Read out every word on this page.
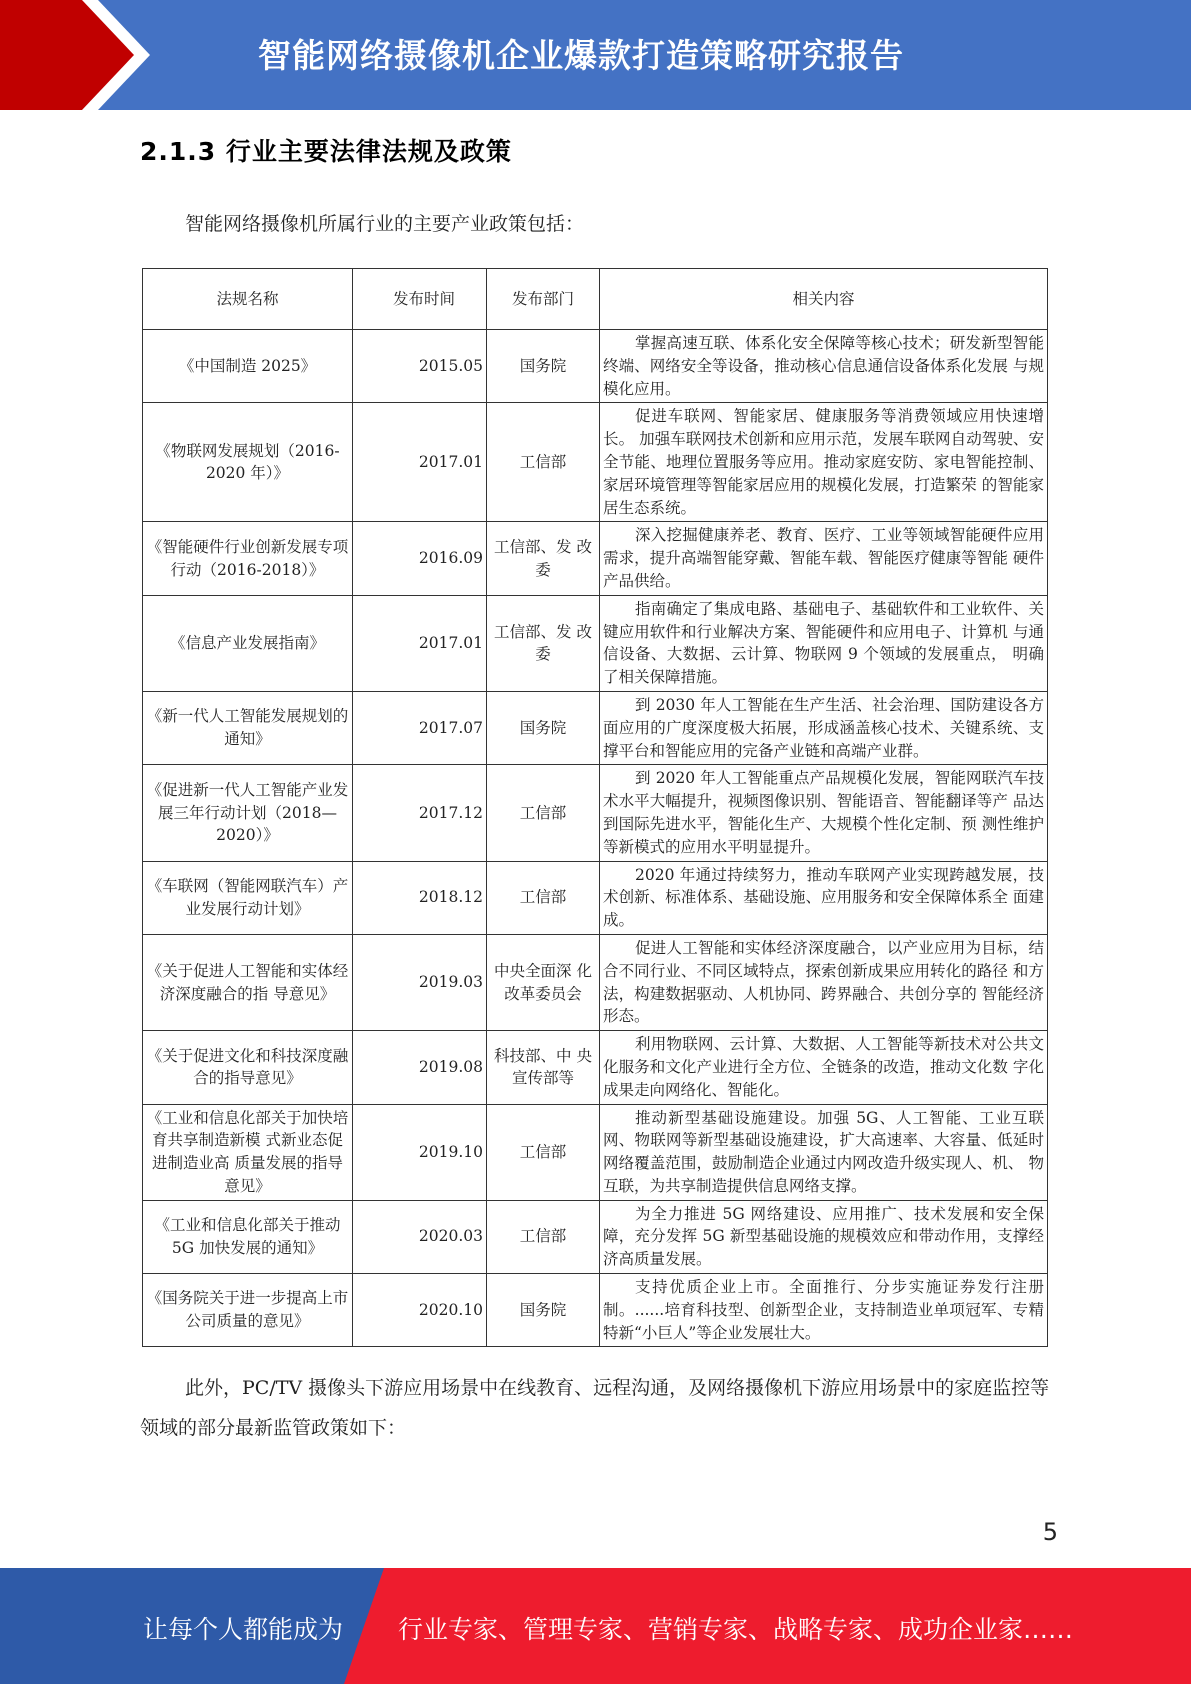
智能网络摄像机企业爆款打造策略研究报告
2.1.3 行业主要法律法规及政策
智能网络摄像机所属行业的主要产业政策包括：
法规名称	发布时间	发布部门	相关内容
《中国制造 2025》	2015.05	国务院	掌握高速互联、体系化安全保障等核心技术；研发新型智能终端、网络安全等设备，推动核心信息通信设备体系化发展 与规模化应用。
《物联网发展规划（2016-2020 年）》	2017.01	工信部	促进车联网、智能家居、健康服务等消费领域应用快速增长。 加强车联网技术创新和应用示范，发展车联网自动驾驶、安 全节能、地理位置服务等应用。推动家庭安防、家电智能控制、家居环境管理等智能家居应用的规模化发展，打造繁荣 的智能家居生态系统。
《智能硬件行业创新发展专项行动（2016-2018）》	2016.09	工信部、发 改委	深入挖掘健康养老、教育、医疗、工业等领域智能硬件应用需求，提升高端智能穿戴、智能车载、智能医疗健康等智能 硬件产品供给。
《信息产业发展指南》	2017.01	工信部、发 改委	指南确定了集成电路、基础电子、基础软件和工业软件、关键应用软件和行业解决方案、智能硬件和应用电子、计算机 与通信设备、大数据、云计算、物联网 9 个领域的发展重点， 明确了相关保障措施。
《新一代人工智能发展规划的通知》	2017.07	国务院	到 2030 年人工智能在生产生活、社会治理、国防建设各方面应用的广度深度极大拓展，形成涵盖核心技术、关键系统、支撑平台和智能应用的完备产业链和高端产业群。
《促进新一代人工智能产业发展三年行动计划（2018—2020）》	2017.12	工信部	到 2020 年人工智能重点产品规模化发展，智能网联汽车技术水平大幅提升，视频图像识别、智能语音、智能翻译等产 品达到国际先进水平，智能化生产、大规模个性化定制、预 测性维护等新模式的应用水平明显提升。
《车联网（智能网联汽车）产业发展行动计划》	2018.12	工信部	2020 年通过持续努力，推动车联网产业实现跨越发展，技术创新、标准体系、基础设施、应用服务和安全保障体系全 面建成。
《关于促进人工智能和实体经济深度融合的指 导意见》	2019.03	中央全面深 化改革委员会	促进人工智能和实体经济深度融合，以产业应用为目标，结合不同行业、不同区域特点，探索创新成果应用转化的路径 和方法，构建数据驱动、人机协同、跨界融合、共创分享的 智能经济形态。
《关于促进文化和科技深度融合的指导意见》	2019.08	科技部、中 央宣传部等	利用物联网、云计算、大数据、人工智能等新技术对公共文化服务和文化产业进行全方位、全链条的改造，推动文化数 字化成果走向网络化、智能化。
《工业和信息化部关于加快培育共享制造新模 式新业态促进制造业高 质量发展的指导意见》	2019.10	工信部	推动新型基础设施建设。加强 5G、人工智能、工业互联网、物联网等新型基础设施建设，扩大高速率、大容量、低延时 网络覆盖范围，鼓励制造企业通过内网改造升级实现人、机、 物互联，为共享制造提供信息网络支撑。
《工业和信息化部关于推动 5G 加快发展的通知》	2020.03	工信部	为全力推进 5G 网络建设、应用推广、技术发展和安全保障，充分发挥 5G 新型基础设施的规模效应和带动作用，支撑经 济高质量发展。
《国务院关于进一步提高上市公司质量的意见》	2020.10	国务院	支持优质企业上市。全面推行、分步实施证券发行注册制。......培育科技型、创新型企业，支持制造业单项冠军、专精特新“小巨人”等企业发展壮大。
此外，PC/TV 摄像头下游应用场景中在线教育、远程沟通，及网络摄像机下游应用场景中的家庭监控等领域的部分最新监管政策如下：
5
让每个人都能成为 行业专家、管理专家、营销专家、战略专家、成功企业家……
